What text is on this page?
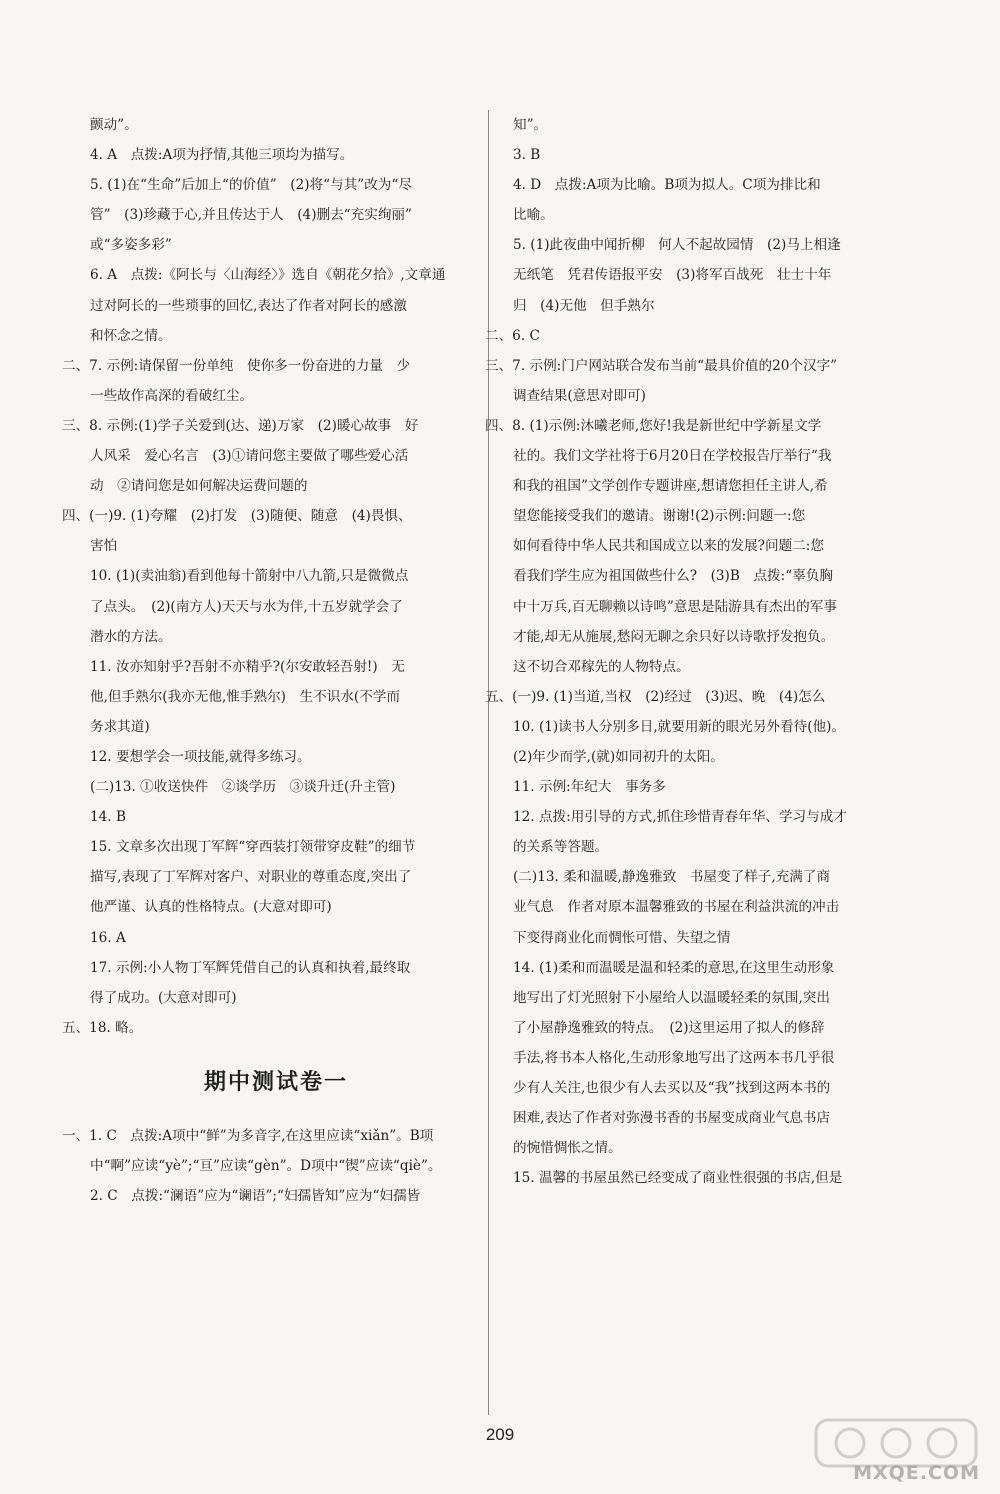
颤动”。
4. A　点拨:A项为抒情,其他三项均为描写。
5. (1)在“生命”后加上“的价值”　(2)将“与其”改为“尽
管”　(3)珍藏于心,并且传达于人　(4)删去“充实绚丽”
或“多姿多彩”
6. A　点拨:《阿长与〈山海经〉》选自《朝花夕拾》,文章通
过对阿长的一些琐事的回忆,表达了作者对阿长的感激
和怀念之情。
二、7. 示例:请保留一份单纯　使你多一份奋进的力量　少
一些故作高深的看破红尘。
三、8. 示例:(1)学子关爱到(达、递)万家　(2)暖心故事　好
人风采　爱心名言　(3)①请问您主要做了哪些爱心活
动　②请问您是如何解决运费问题的
四、(一)9. (1)夸耀　(2)打发　(3)随便、随意　(4)畏惧、
害怕
10. (1)(卖油翁)看到他每十箭射中八九箭,只是微微点
了点头。　(2)(南方人)天天与水为伴,十五岁就学会了
潜水的方法。
11. 汝亦知射乎?吾射不亦精乎?(尔安敢轻吾射!)　无
他,但手熟尔(我亦无他,惟手熟尔)　生不识水(不学而
务求其道)
12. 要想学会一项技能,就得多练习。
(二)13. ①收送快件　②谈学历　③谈升迁(升主管)
14. B
15. 文章多次出现丁军辉“穿西装打领带穿皮鞋”的细节
描写,表现了丁军辉对客户、对职业的尊重态度,突出了
他严谨、认真的性格特点。(大意对即可)
16. A
17. 示例:小人物丁军辉凭借自己的认真和执着,最终取
得了成功。(大意对即可)
五、18. 略。
期中测试卷一
一、1. C　点拨:A项中“鲜”为多音字,在这里应读“xiǎn”。B项
中“啊”应读“yè”;“亘”应读“gèn”。D项中“锲”应读“qiè”。
2. C　点拨:“澜语”应为“谰语”;“妇孺皆知”应为“妇孺皆
知”。
3. B
4. D　点拨:A项为比喻。B项为拟人。C项为排比和
比喻。
5. (1)此夜曲中闻折柳　何人不起故园情　(2)马上相逢
无纸笔　凭君传语报平安　(3)将军百战死　壮士十年
归　(4)无他　但手熟尔
二、6. C
三、7. 示例:门户网站联合发布当前“最具价值的20个汉字”
调查结果(意思对即可)
四、8. (1)示例:沐曦老师,您好!我是新世纪中学新星文学
社的。我们文学社将于6月20日在学校报告厅举行“我
和我的祖国”文学创作专题讲座,想请您担任主讲人,希
望您能接受我们的邀请。谢谢!(2)示例:问题一:您
如何看待中华人民共和国成立以来的发展?问题二:您
看我们学生应为祖国做些什么?　(3)B　点拨:“辜负胸
中十万兵,百无聊赖以诗鸣”意思是陆游具有杰出的军事
才能,却无从施展,愁闷无聊之余只好以诗歌抒发抱负。
这不切合邓稼先的人物特点。
五、(一)9. (1)当道,当权　(2)经过　(3)迟、晚　(4)怎么
10. (1)读书人分别多日,就要用新的眼光另外看待(他)。
(2)年少而学,(就)如同初升的太阳。
11. 示例:年纪大　事务多
12. 点拨:用引导的方式,抓住珍惜青春年华、学习与成才
的关系等答题。
(二)13. 柔和温暖,静逸雅致　书屋变了样子,充满了商
业气息　作者对原本温馨雅致的书屋在利益洪流的冲击
下变得商业化而惆怅可惜、失望之情
14. (1)柔和而温暖是温和轻柔的意思,在这里生动形象
地写出了灯光照射下小屋给人以温暖轻柔的氛围,突出
了小屋静逸雅致的特点。　(2)这里运用了拟人的修辞
手法,将书本人格化,生动形象地写出了这两本书几乎很
少有人关注,也很少有人去买以及“我”找到这两本书的
困难,表达了作者对弥漫书香的书屋变成商业气息书店
的惋惜惆怅之情。
15. 温馨的书屋虽然已经变成了商业性很强的书店,但是
209
MXQE.COM
